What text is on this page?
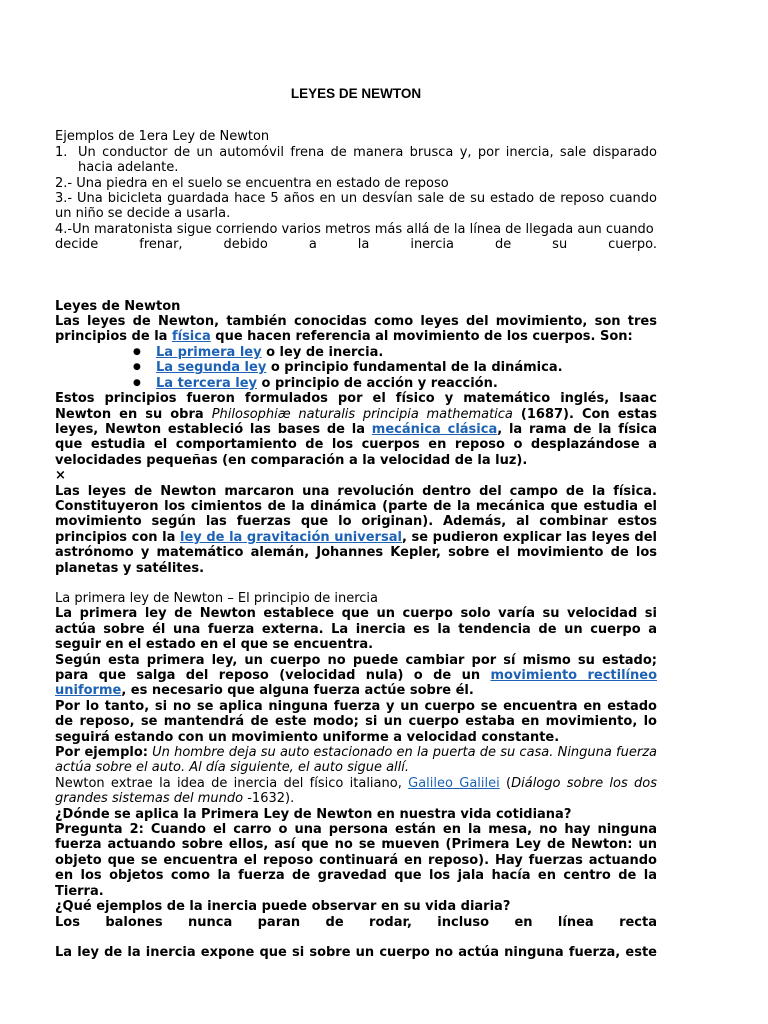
LEYES DE NEWTON

Ejemplos de 1era Ley de Newton

1. Un conductor de un automóvil frena de manera brusca y, por inercia, sale disparado hacia adelante.

2.- Una piedra en el suelo se encuentra en estado de reposo

3.- Una bicicleta guardada hace 5 años en un desvían sale de su estado de reposo cuando un niño se decide a usarla.

4.-Un maratonista sigue corriendo varios metros más allá de la línea de llegada aun cuando

decide frenar, debido a la inercia de su cuerpo.

Leyes de Newton

Las leyes de Newton, también conocidas como leyes del movimiento, son tres principios de la física que hacen referencia al movimiento de los cuerpos. Son:

● La primera ley o ley de inercia.
● La segunda ley o principio fundamental de la dinámica.
● La tercera ley o principio de acción y reacción.

Estos principios fueron formulados por el físico y matemático inglés, Isaac Newton en su obra Philosophiæ naturalis principia mathematica (1687). Con estas leyes, Newton estableció las bases de la mecánica clásica, la rama de la física que estudia el comportamiento de los cuerpos en reposo o desplazándose a velocidades pequeñas (en comparación a la velocidad de la luz).

×

Las leyes de Newton marcaron una revolución dentro del campo de la física. Constituyeron los cimientos de la dinámica (parte de la mecánica que estudia el movimiento según las fuerzas que lo originan). Además, al combinar estos principios con la ley de la gravitación universal, se pudieron explicar las leyes del astrónomo y matemático alemán, Johannes Kepler, sobre el movimiento de los planetas y satélites.

La primera ley de Newton – El principio de inercia

La primera ley de Newton establece que un cuerpo solo varía su velocidad si actúa sobre él una fuerza externa. La inercia es la tendencia de un cuerpo a seguir en el estado en el que se encuentra.

Según esta primera ley, un cuerpo no puede cambiar por sí mismo su estado; para que salga del reposo (velocidad nula) o de un movimiento rectilíneo uniforme, es necesario que alguna fuerza actúe sobre él.

Por lo tanto, si no se aplica ninguna fuerza y un cuerpo se encuentra en estado de reposo, se mantendrá de este modo; si un cuerpo estaba en movimiento, lo seguirá estando con un movimiento uniforme a velocidad constante.

Por ejemplo: Un hombre deja su auto estacionado en la puerta de su casa. Ninguna fuerza actúa sobre el auto. Al día siguiente, el auto sigue allí.

Newton extrae la idea de inercia del físico italiano, Galileo Galilei (Diálogo sobre los dos grandes sistemas del mundo -1632).

¿Dónde se aplica la Primera Ley de Newton en nuestra vida cotidiana?

Pregunta 2: Cuando el carro o una persona están en la mesa, no hay ninguna fuerza actuando sobre ellos, así que no se mueven (Primera Ley de Newton: un objeto que se encuentra el reposo continuará en reposo). Hay fuerzas actuando en los objetos como la fuerza de gravedad que los jala hacía en centro de la Tierra.

¿Qué ejemplos de la inercia puede observar en su vida diaria?

Los balones nunca paran de rodar, incluso en línea recta

La ley de la inercia expone que si sobre un cuerpo no actúa ninguna fuerza, este
